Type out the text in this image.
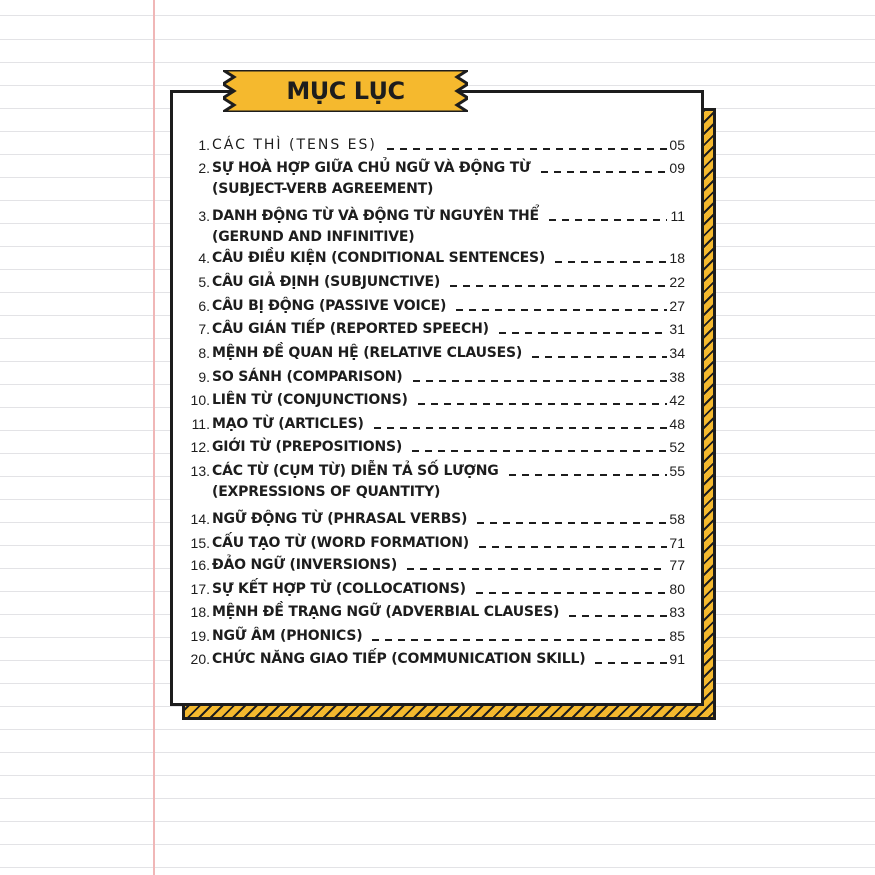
MỤC LỤC
1. CÁC THÌ (TENS ES)	05
2. SỰ HOÀ HỢP GIỮA CHỦ NGỮ VÀ ĐỘNG TỪ
(SUBJECT-VERB AGREEMENT)
09
3. DANH ĐỘNG TỪ VÀ ĐỘNG TỪ NGUYÊN THỂ
(GERUND AND INFINITIVE)
11
4. CÂU ĐIỀU KIỆN (CONDITIONAL SENTENCES)	18
5. CÂU GIẢ ĐỊNH (SUBJUNCTIVE)	22
6. CÂU BỊ ĐỘNG (PASSIVE VOICE)	27
7. CÂU GIÁN TIẾP (REPORTED SPEECH)	31
8. MỆNH ĐỀ QUAN HỆ (RELATIVE CLAUSES)	34
9. SO SÁNH (COMPARISON)	38
10. LIÊN TỪ (CONJUNCTIONS)	42
11. MẠO TỪ (ARTICLES)	48
12. GIỚI TỪ (PREPOSITIONS)	52
13. CÁC TỪ (CỤM TỪ) DIỄN TẢ SỐ LƯỢNG
(EXPRESSIONS OF QUANTITY)
55
14. NGỮ ĐỘNG TỪ (PHRASAL VERBS)	58
15. CẤU TẠO TỪ (WORD FORMATION)	71
16. ĐẢO NGỮ (INVERSIONS)	77
17. SỰ KẾT HỢP TỪ (COLLOCATIONS)	80
18. MỆNH ĐỀ TRẠNG NGỮ (ADVERBIAL CLAUSES)	83
19. NGỮ ÂM (PHONICS)	85
20. CHỨC NĂNG GIAO TIẾP (COMMUNICATION SKILL)	91
